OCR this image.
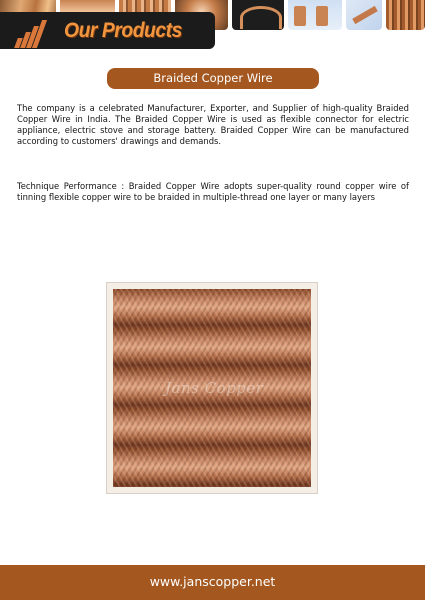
Our Products
Braided Copper Wire

The company is a celebrated Manufacturer, Exporter, and Supplier of high-quality Braided Copper Wire in India. The Braided Copper Wire is used as flexible connector for electric appliance, electric stove and storage battery. Braided Copper Wire can be manufactured according to customers' drawings and demands.

Technique Performance : Braided Copper Wire adopts super-quality round copper wire of tinning flexible copper wire to be braided in multiple-thread one layer or many layers

Jans Copper
www.janscopper.net
